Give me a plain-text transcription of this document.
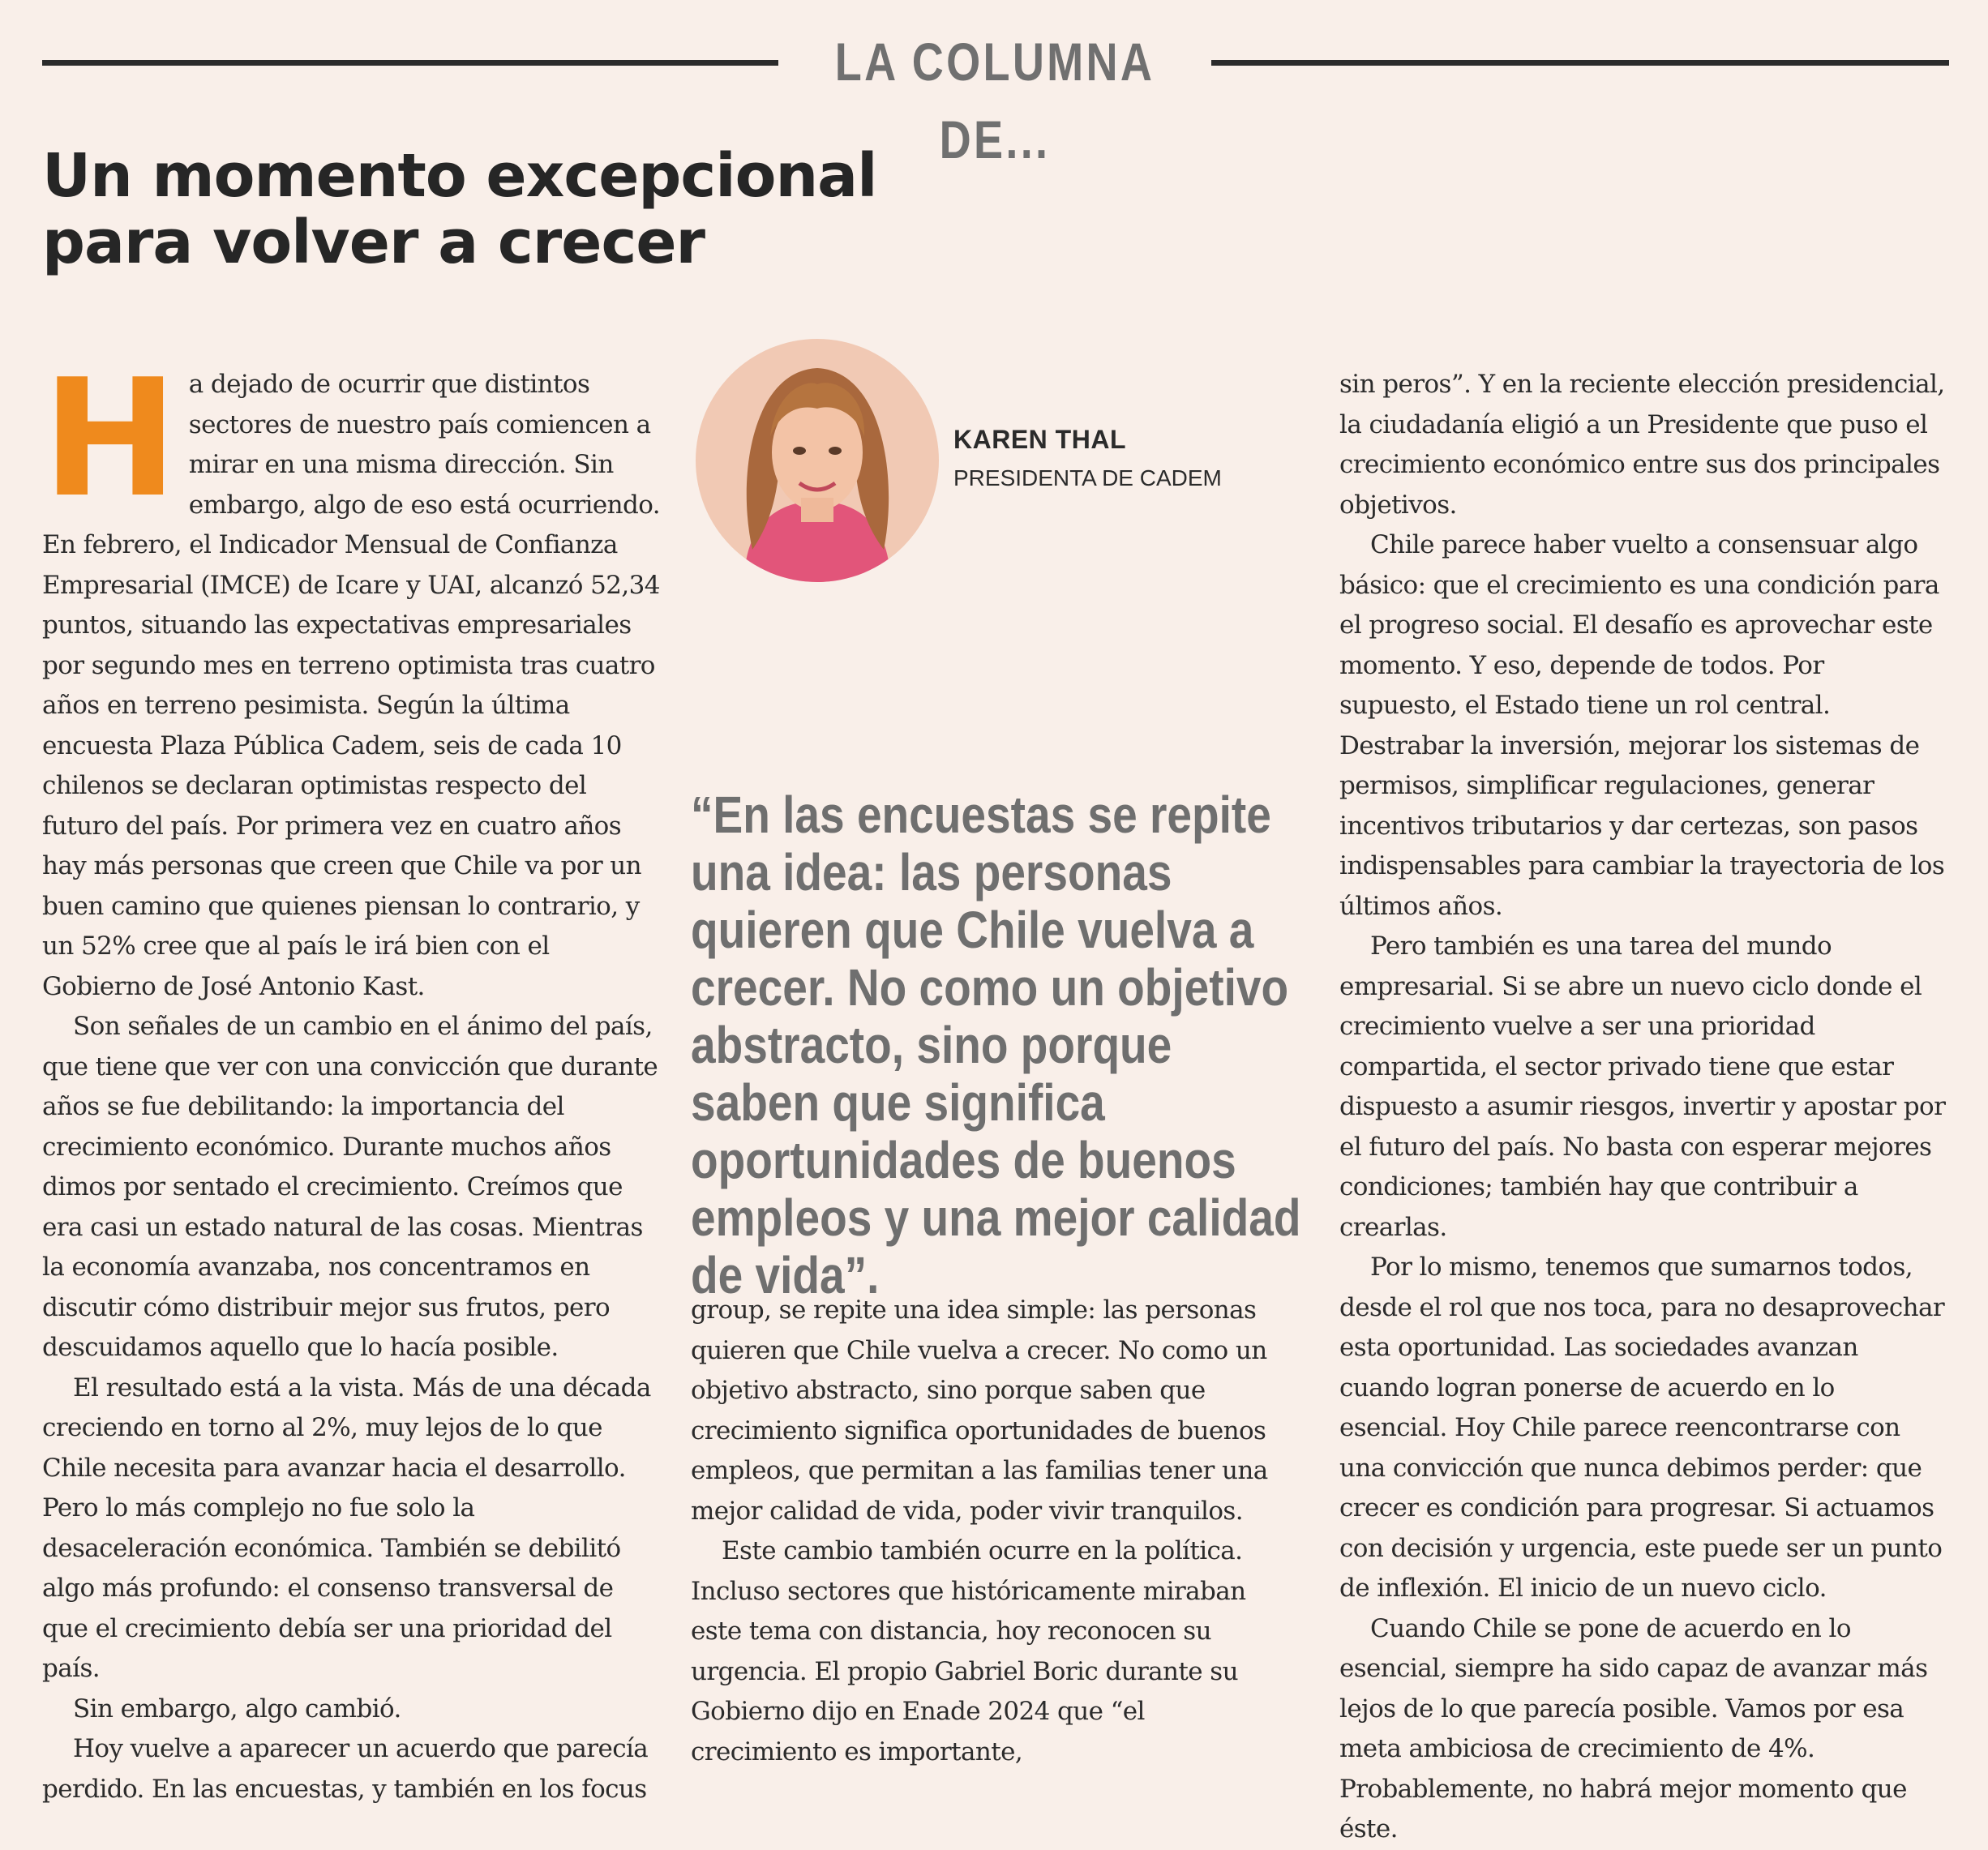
LA COLUMNA DE...
Un momento excepcional para volver a crecer

Ha dejado de ocurrir que distintos sectores de nuestro país comiencen a mirar en una misma dirección. Sin embargo, algo de eso está ocurriendo. En febrero, el Indicador Mensual de Confianza Empresarial (IMCE) de Icare y UAI, alcanzó 52,34 puntos, situando las expectativas empresariales por segundo mes en terreno optimista tras cuatro años en terreno pesimista. Según la última encuesta Plaza Pública Cadem, seis de cada 10 chilenos se declaran optimistas respecto del futuro del país. Por primera vez en cuatro años hay más personas que creen que Chile va por un buen camino que quienes piensan lo contrario, y un 52% cree que al país le irá bien con el Gobierno de José Antonio Kast.

Son señales de un cambio en el ánimo del país, que tiene que ver con una convicción que durante años se fue debilitando: la importancia del crecimiento económico. Durante muchos años dimos por sentado el crecimiento. Creímos que era casi un estado natural de las cosas. Mientras la economía avanzaba, nos concentramos en discutir cómo distribuir mejor sus frutos, pero descuidamos aquello que lo hacía posible.

El resultado está a la vista. Más de una década creciendo en torno al 2%, muy lejos de lo que Chile necesita para avanzar hacia el desarrollo. Pero lo más complejo no fue solo la desaceleración económica. También se debilitó algo más profundo: el consenso transversal de que el crecimiento debía ser una prioridad del país.

Sin embargo, algo cambió.

Hoy vuelve a aparecer un acuerdo que parecía perdido. En las encuestas, y también en los focus

KAREN THAL
PRESIDENTA DE CADEM
“En las encuestas se repite una idea: las personas quieren que Chile vuelva a crecer. No como un objetivo abstracto, sino porque saben que significa oportunidades de buenos empleos y una mejor calidad de vida”.

group, se repite una idea simple: las personas quieren que Chile vuelva a crecer. No como un objetivo abstracto, sino porque saben que crecimiento significa oportunidades de buenos empleos, que permitan a las familias tener una mejor calidad de vida, poder vivir tranquilos.

Este cambio también ocurre en la política. Incluso sectores que históricamente miraban este tema con distancia, hoy reconocen su urgencia. El propio Gabriel Boric durante su Gobierno dijo en Enade 2024 que “el crecimiento es importante,

sin peros”. Y en la reciente elección presidencial, la ciudadanía eligió a un Presidente que puso el crecimiento económico entre sus dos principales objetivos.

Chile parece haber vuelto a consensuar algo básico: que el crecimiento es una condición para el progreso social. El desafío es aprovechar este momento. Y eso, depende de todos. Por supuesto, el Estado tiene un rol central. Destrabar la inversión, mejorar los sistemas de permisos, simplificar regulaciones, generar incentivos tributarios y dar certezas, son pasos indispensables para cambiar la trayectoria de los últimos años.

Pero también es una tarea del mundo empresarial. Si se abre un nuevo ciclo donde el crecimiento vuelve a ser una prioridad compartida, el sector privado tiene que estar dispuesto a asumir riesgos, invertir y apostar por el futuro del país. No basta con esperar mejores condiciones; también hay que contribuir a crearlas.

Por lo mismo, tenemos que sumarnos todos, desde el rol que nos toca, para no desaprovechar esta oportunidad. Las sociedades avanzan cuando logran ponerse de acuerdo en lo esencial. Hoy Chile parece reencontrarse con una convicción que nunca debimos perder: que crecer es condición para progresar. Si actuamos con decisión y urgencia, este puede ser un punto de inflexión. El inicio de un nuevo ciclo.

Cuando Chile se pone de acuerdo en lo esencial, siempre ha sido capaz de avanzar más lejos de lo que parecía posible. Vamos por esa meta ambiciosa de crecimiento de 4%. Probablemente, no habrá mejor momento que éste.
